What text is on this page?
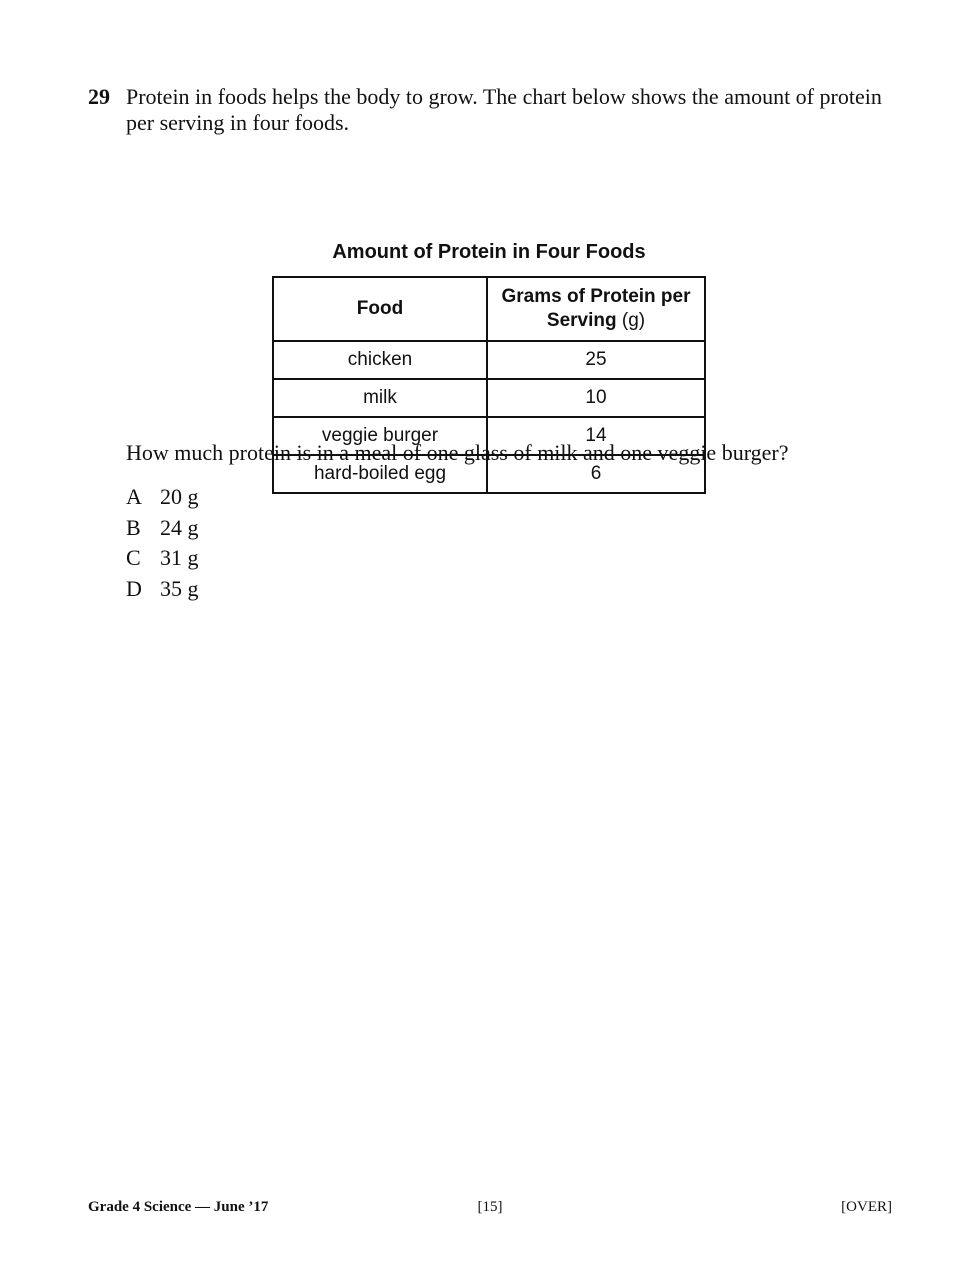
29 Protein in foods helps the body to grow. The chart below shows the amount of protein per serving in four foods.
Amount of Protein in Four Foods
Food	Grams of Protein per Serving (g)
chicken	25
milk	10
veggie burger	14
hard-boiled egg	6
How much protein is in a meal of one glass of milk and one veggie burger?
A 20 g
B 24 g
C 31 g
D 35 g
Grade 4 Science — June ’17	[15]	[OVER]
